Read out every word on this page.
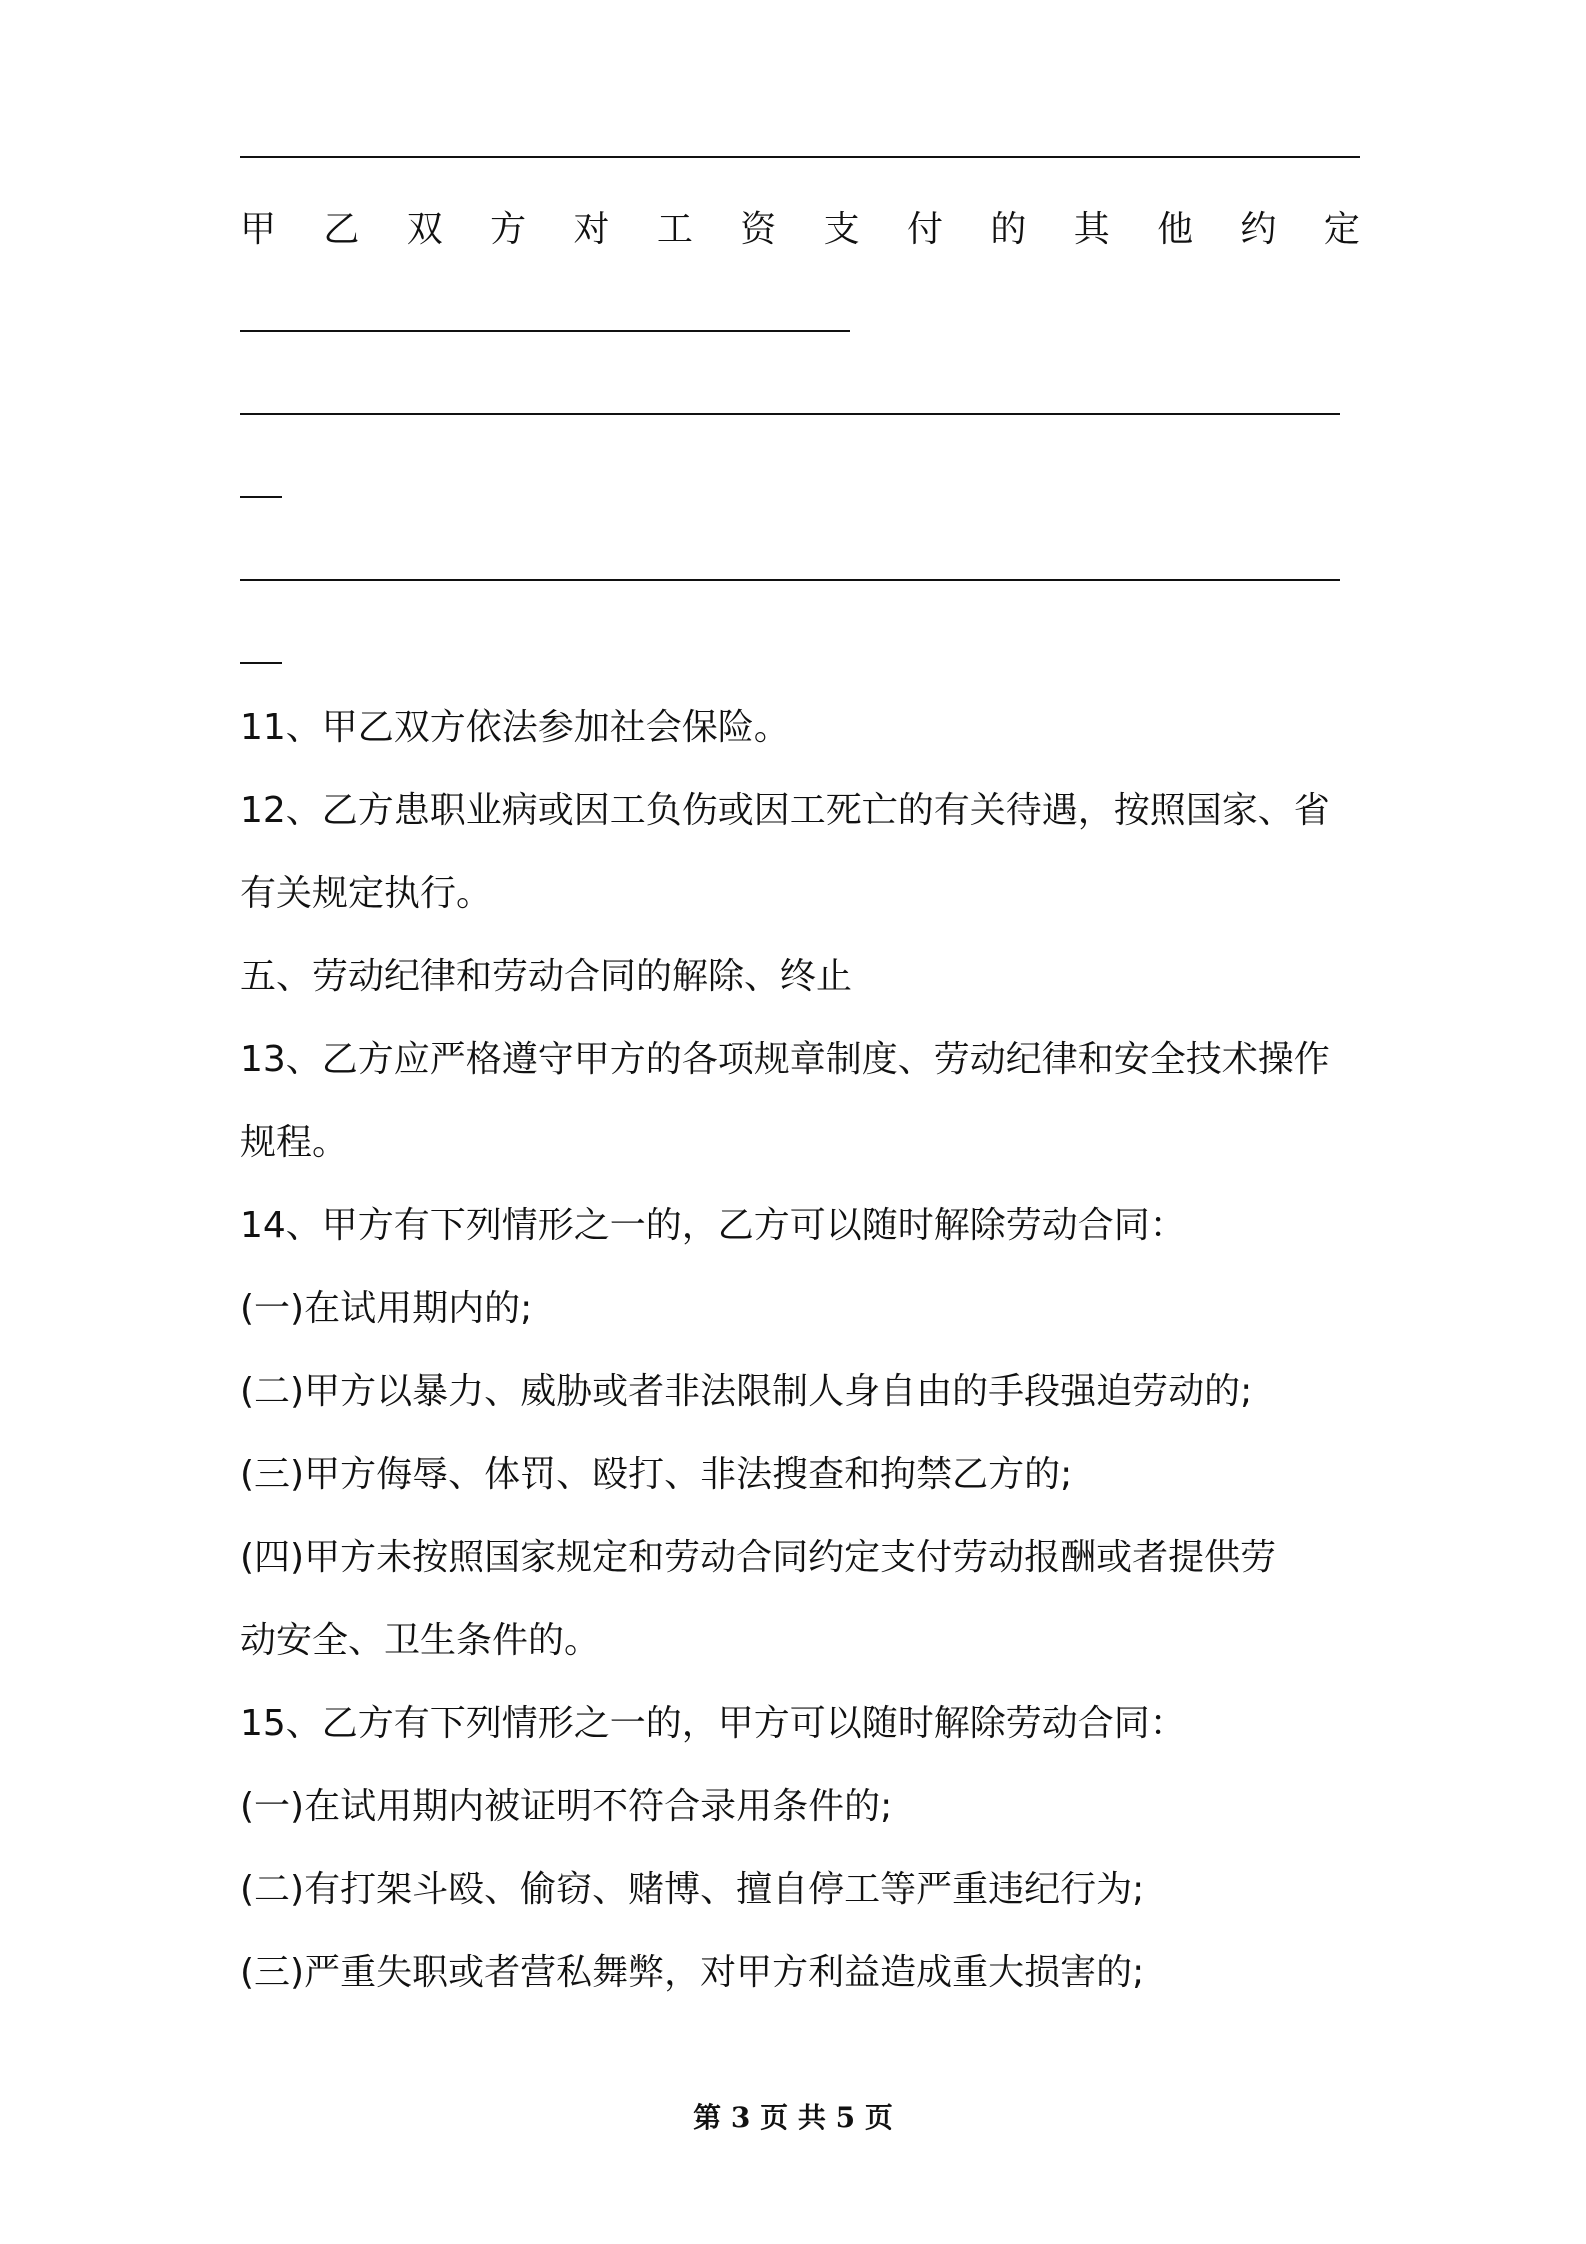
甲 乙 双 方 对 工 资 支 付 的 其 他 约 定
11、甲乙双方依法参加社会保险。
12、乙方患职业病或因工负伤或因工死亡的有关待遇，按照国家、省
有关规定执行。
五、劳动纪律和劳动合同的解除、终止
13、乙方应严格遵守甲方的各项规章制度、劳动纪律和安全技术操作
规程。
14、甲方有下列情形之一的，乙方可以随时解除劳动合同：
(一)在试用期内的;
(二)甲方以暴力、威胁或者非法限制人身自由的手段强迫劳动的;
(三)甲方侮辱、体罚、殴打、非法搜查和拘禁乙方的;
(四)甲方未按照国家规定和劳动合同约定支付劳动报酬或者提供劳
动安全、卫生条件的。
15、乙方有下列情形之一的，甲方可以随时解除劳动合同：
(一)在试用期内被证明不符合录用条件的;
(二)有打架斗殴、偷窃、赌博、擅自停工等严重违纪行为;
(三)严重失职或者营私舞弊，对甲方利益造成重大损害的;
第 3 页 共 5 页
